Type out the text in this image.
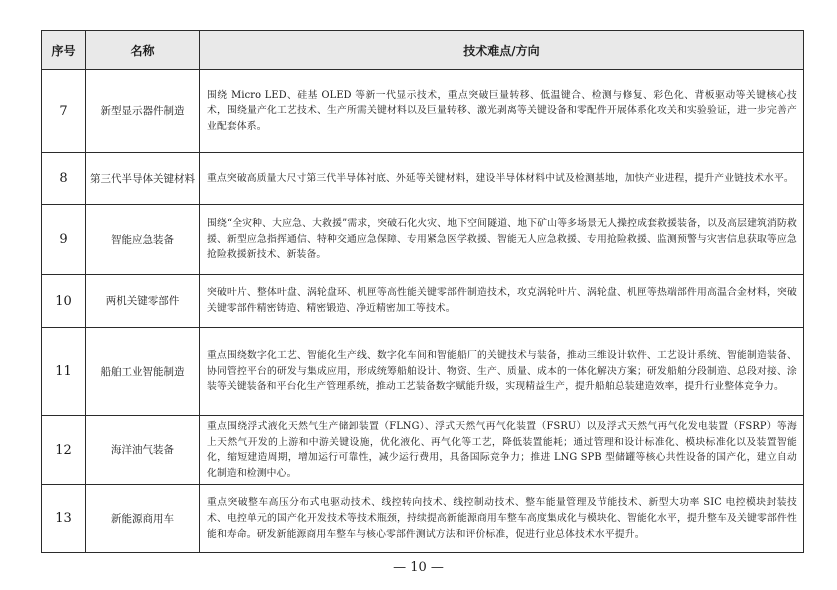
序号	名称	技术难点/方向
7	新型显示器件制造	围绕 Micro LED、硅基 OLED 等新一代显示技术，重点突破巨量转移、低温键合、检测与修复、彩色化、背板驱动等关键核心技术，围绕量产化工艺技术、生产所需关键材料以及巨量转移、激光剥离等关键设备和零配件开展体系化攻关和实验验证，进一步完善产业配套体系。
8	第三代半导体关键材料	重点突破高质量大尺寸第三代半导体衬底、外延等关键材料，建设半导体材料中试及检测基地，加快产业进程，提升产业链技术水平。
9	智能应急装备	围绕“全灾种、大应急、大救援”需求，突破石化火灾、地下空间隧道、地下矿山等多场景无人操控成套救援装备，以及高层建筑消防救援、新型应急指挥通信、特种交通应急保障、专用紧急医学救援、智能无人应急救援、专用抢险救援、监测预警与灾害信息获取等应急抢险救援新技术、新装备。
10	两机关键零部件	突破叶片、整体叶盘、涡轮盘环、机匣等高性能关键零部件制造技术，攻克涡轮叶片、涡轮盘、机匣等热端部件用高温合金材料，突破关键零部件精密铸造、精密锻造、净近精密加工等技术。
11	船舶工业智能制造	重点围绕数字化工艺、智能化生产线、数字化车间和智能船厂的关键技术与装备，推动三维设计软件、工艺设计系统、智能制造装备、协同管控平台的研发与集成应用，形成统筹船舶设计、物资、生产、质量、成本的一体化解决方案；研发船舶分段制造、总段对接、涂装等关键装备和平台化生产管理系统，推动工艺装备数字赋能升级，实现精益生产，提升船舶总装建造效率，提升行业整体竞争力。
12	海洋油气装备	重点围绕浮式液化天然气生产储卸装置（FLNG）、浮式天然气再气化装置（FSRU）以及浮式天然气再气化发电装置（FSRP）等海上天然气开发的上游和中游关键设施，优化液化、再气化等工艺，降低装置能耗；通过管理和设计标准化、模块标准化以及装置智能化，缩短建造周期，增加运行可靠性，减少运行费用，具备国际竞争力；推进 LNG SPB 型储罐等核心共性设备的国产化，建立自动化制造和检测中心。
13	新能源商用车	重点突破整车高压分布式电驱动技术、线控转向技术、线控制动技术、整车能量管理及节能技术、新型大功率 SIC 电控模块封装技术、电控单元的国产化开发技术等技术瓶颈，持续提高新能源商用车整车高度集成化与模块化、智能化水平，提升整车及关键零部件性能和寿命。研发新能源商用车整车与核心零部件测试方法和评价标准，促进行业总体技术水平提升。
— 10 —
